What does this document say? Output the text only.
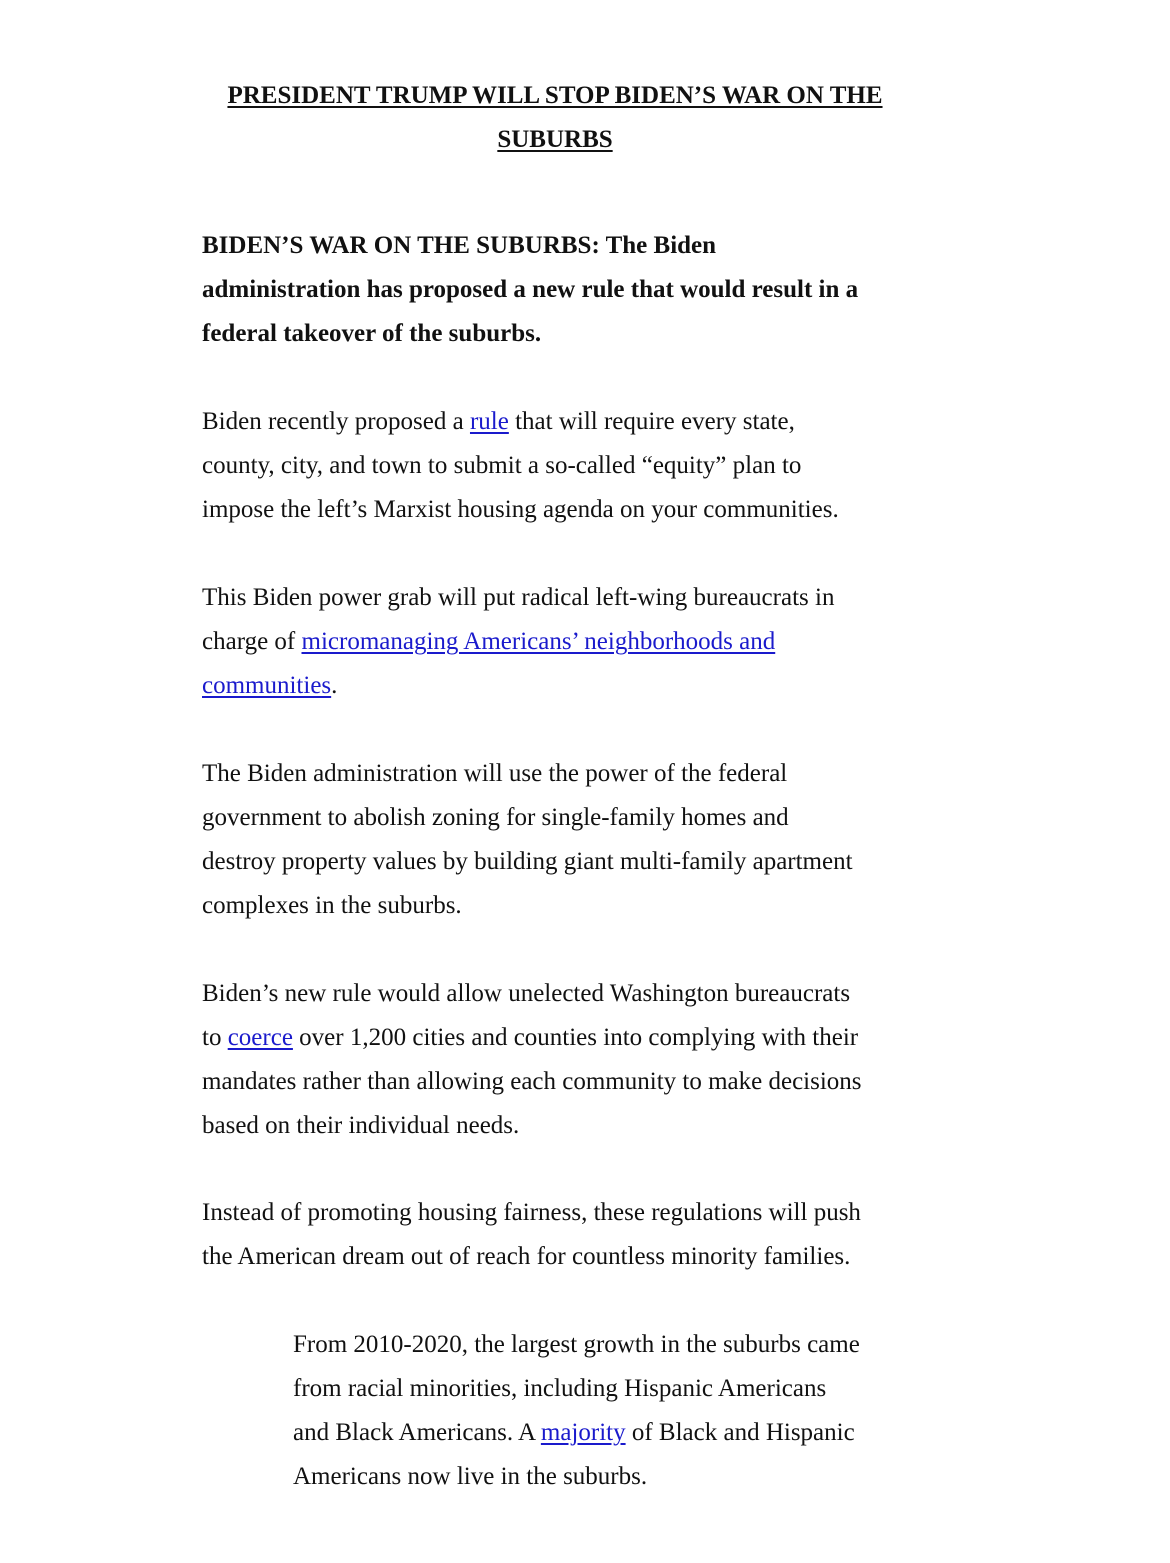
PRESIDENT TRUMP WILL STOP BIDEN’S WAR ON THE
SUBURBS

BIDEN’S WAR ON THE SUBURBS: The Biden
administration has proposed a new rule that would result in a
federal takeover of the suburbs.

Biden recently proposed a rule that will require every state,
county, city, and town to submit a so-called “equity” plan to
impose the left’s Marxist housing agenda on your communities.

This Biden power grab will put radical left-wing bureaucrats in
charge of micromanaging Americans’ neighborhoods and
communities.

The Biden administration will use the power of the federal
government to abolish zoning for single-family homes and
destroy property values by building giant multi-family apartment
complexes in the suburbs.

Biden’s new rule would allow unelected Washington bureaucrats
to coerce over 1,200 cities and counties into complying with their
mandates rather than allowing each community to make decisions
based on their individual needs.

Instead of promoting housing fairness, these regulations will push
the American dream out of reach for countless minority families.

From 2010-2020, the largest growth in the suburbs came
from racial minorities, including Hispanic Americans
and Black Americans. A majority of Black and Hispanic
Americans now live in the suburbs.
